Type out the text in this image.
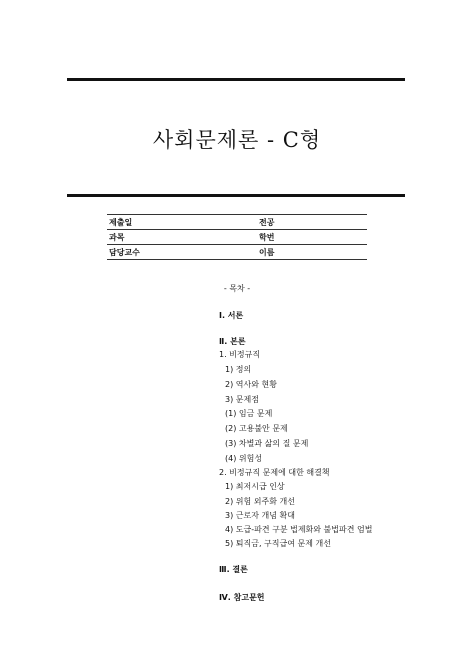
사회문제론 - C형
제출일	전공
과목	학번
담당교수	이름
- 목차 -
Ⅰ. 서론
Ⅱ. 본론
1. 비정규직
1) 정의
2) 역사와 현황
3) 문제점
(1) 임금 문제
(2) 고용불안 문제
(3) 차별과 삶의 질 문제
(4) 위험성
2. 비정규직 문제에 대한 해결책
1) 최저시급 인상
2) 위험 외주화 개선
3) 근로자 개념 확대
4) 도급-파견 구분 법제화와 불법파견 엄벌
5) 퇴직금, 구직급여 문제 개선
Ⅲ. 결론
Ⅳ. 참고문헌
